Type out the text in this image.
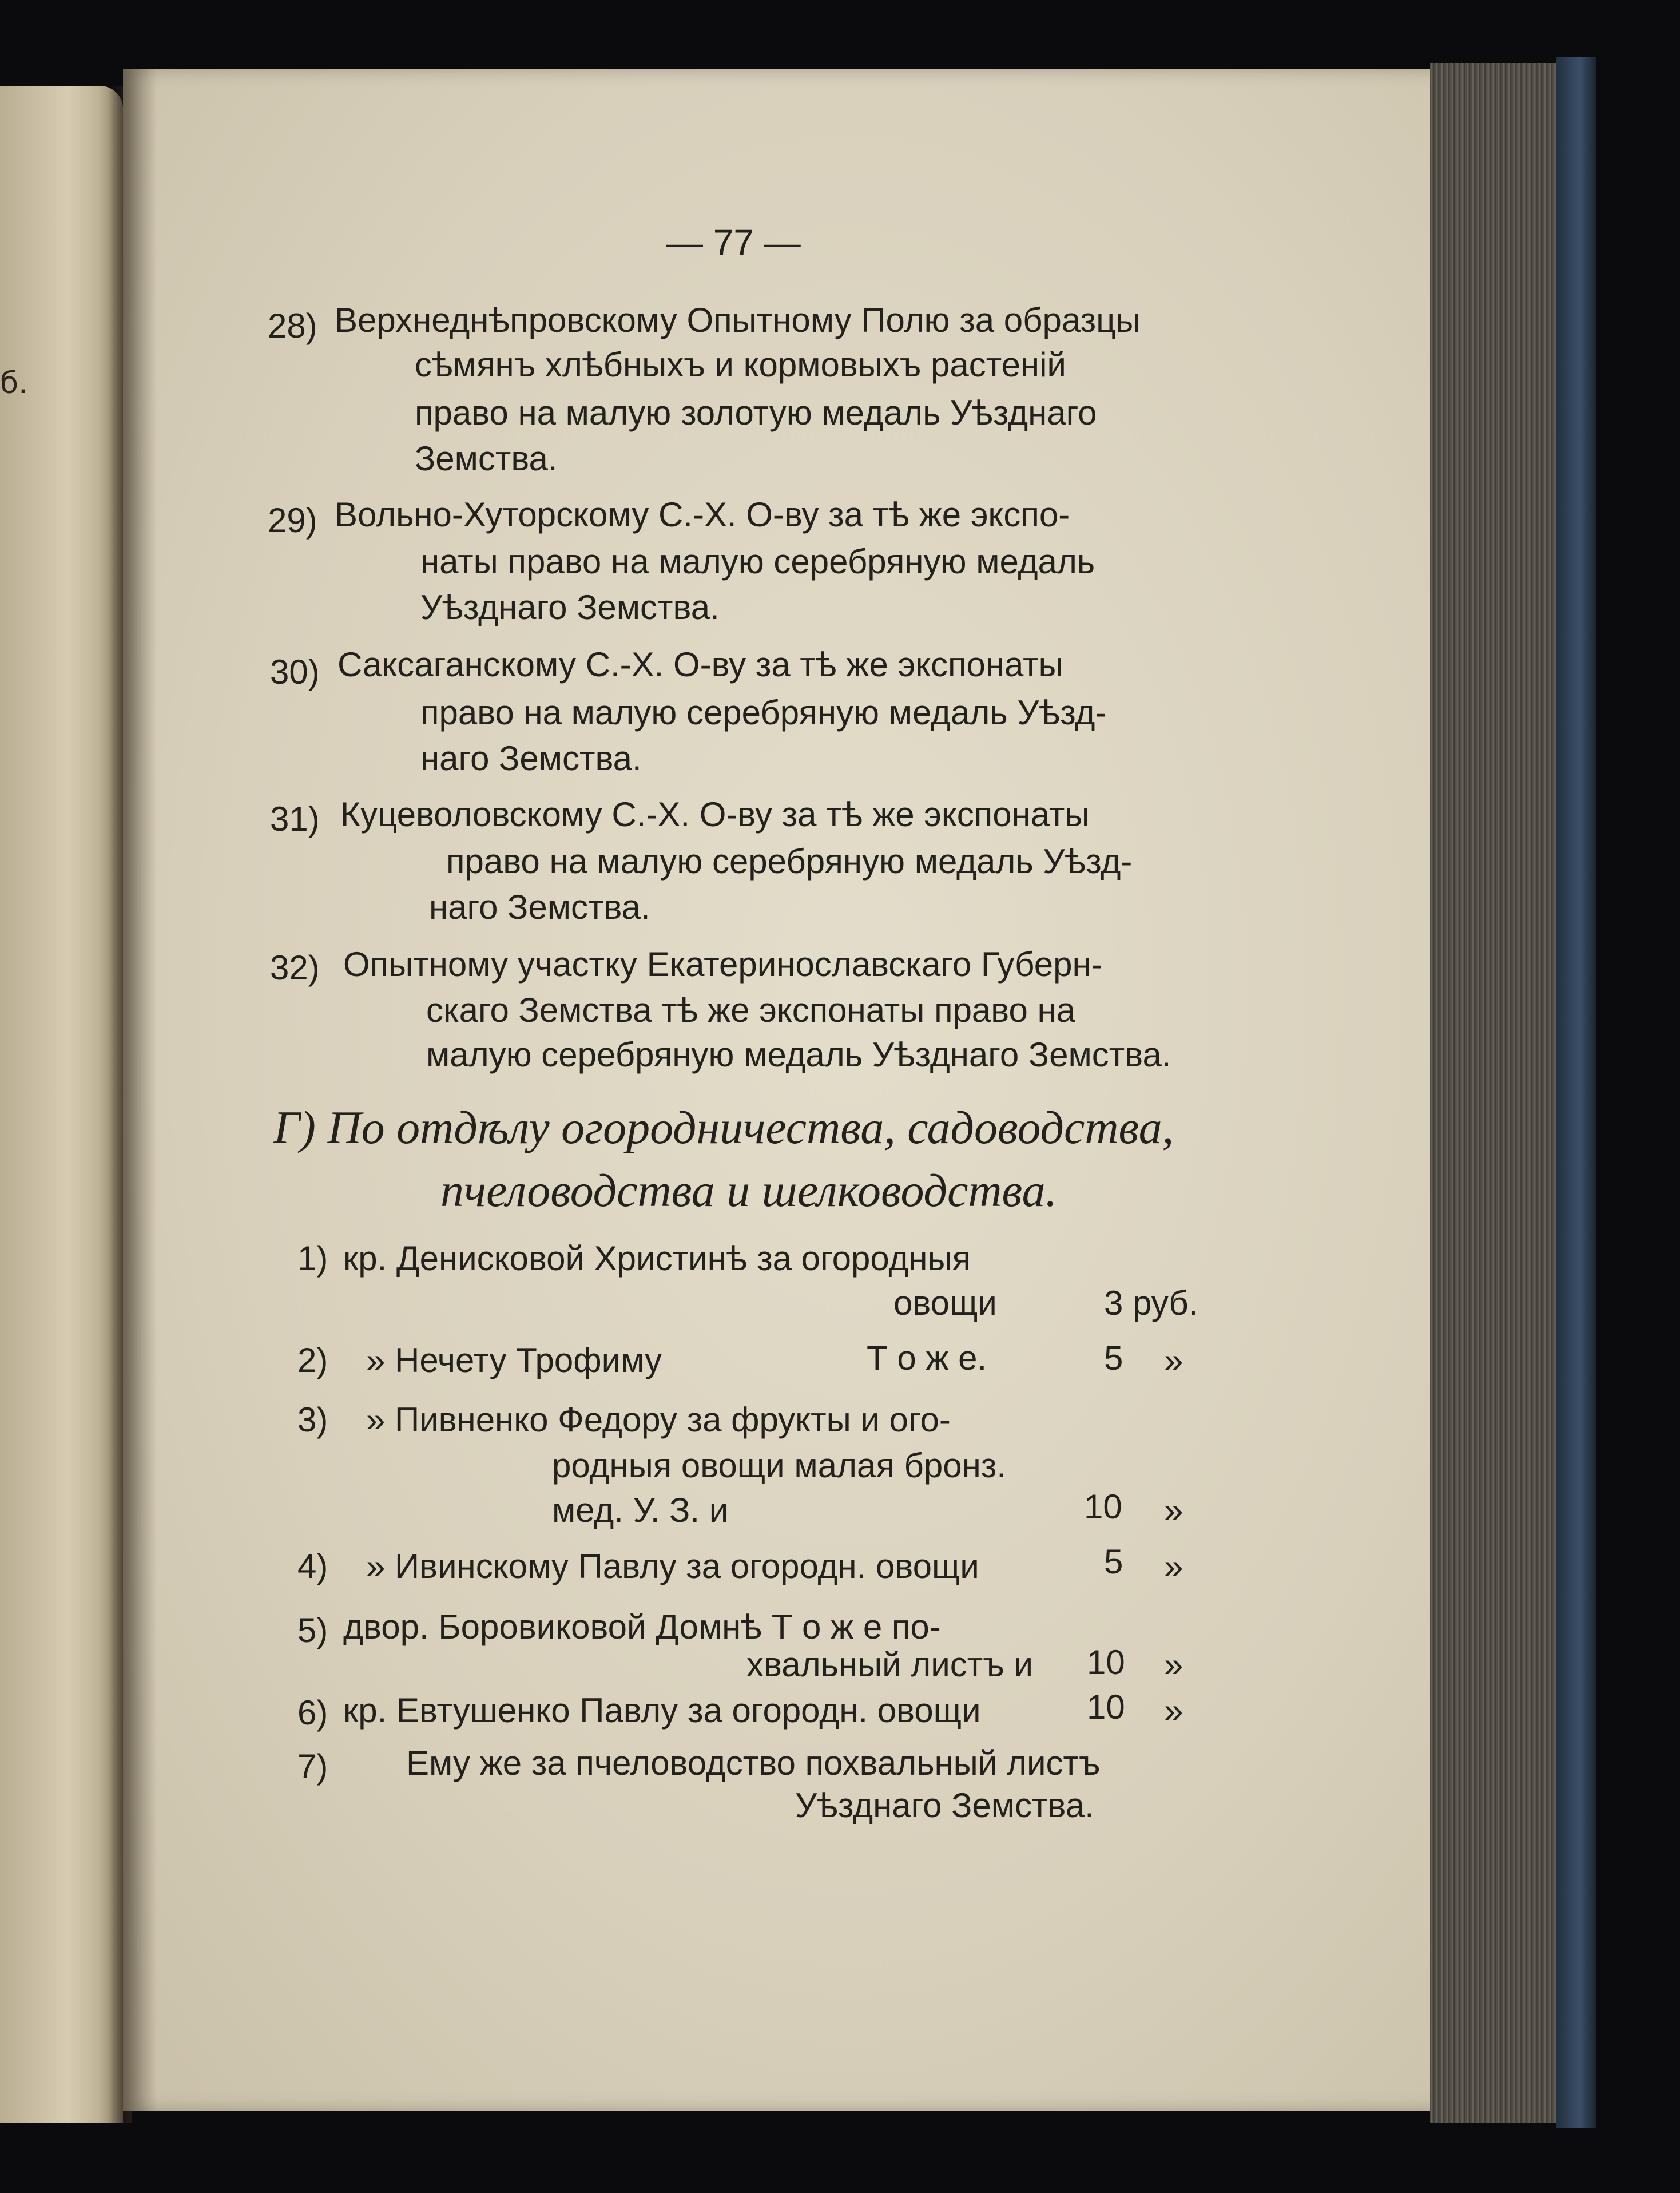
б.
— 77 —
28) Верхнеднѣпровскому Опытному Полю за образцы
сѣмянъ хлѣбныхъ и кормовыхъ растенiй
право на малую золотую медаль Уѣзднаго
Земства.
29) Вольно-Хуторскому С.-Х. О-ву за тѣ же экспо-
наты право на малую серебряную медаль
Уѣзднаго Земства.
30) Саксаганскому С.-Х. О-ву за тѣ же экспонаты
право на малую серебряную медаль Уѣзд-
наго Земства.
31) Куцеволовскому С.-Х. О-ву за тѣ же экспонаты
право на малую серебряную медаль Уѣзд-
наго Земства.
32) Опытному участку Екатеринославскаго Губерн-
скаго Земства тѣ же экспонаты право на
малую серебряную медаль Уѣзднаго Земства.
Г) По отдѣлу огородничества, садоводства,
пчеловодства и шелководства.
1) кр. Денисковой Христинѣ за огородныя
овощи	3 руб.
2) » Нечету Трофиму	Т о ж е.	5 »
3) » Пивненко Федору за фрукты и ого-
родныя овощи малая бронз.
мед. У. З. и	10 »
4) » Ивинскому Павлу за огородн. овощи	5 »
5) двор. Боровиковой Домнѣ Т о ж е по-
хвальный листъ и 10 »
6) кр. Евтушенко Павлу за огородн. овощи	10 »
7) Ему же за пчеловодство похвальный листъ
Уѣзднаго Земства.
